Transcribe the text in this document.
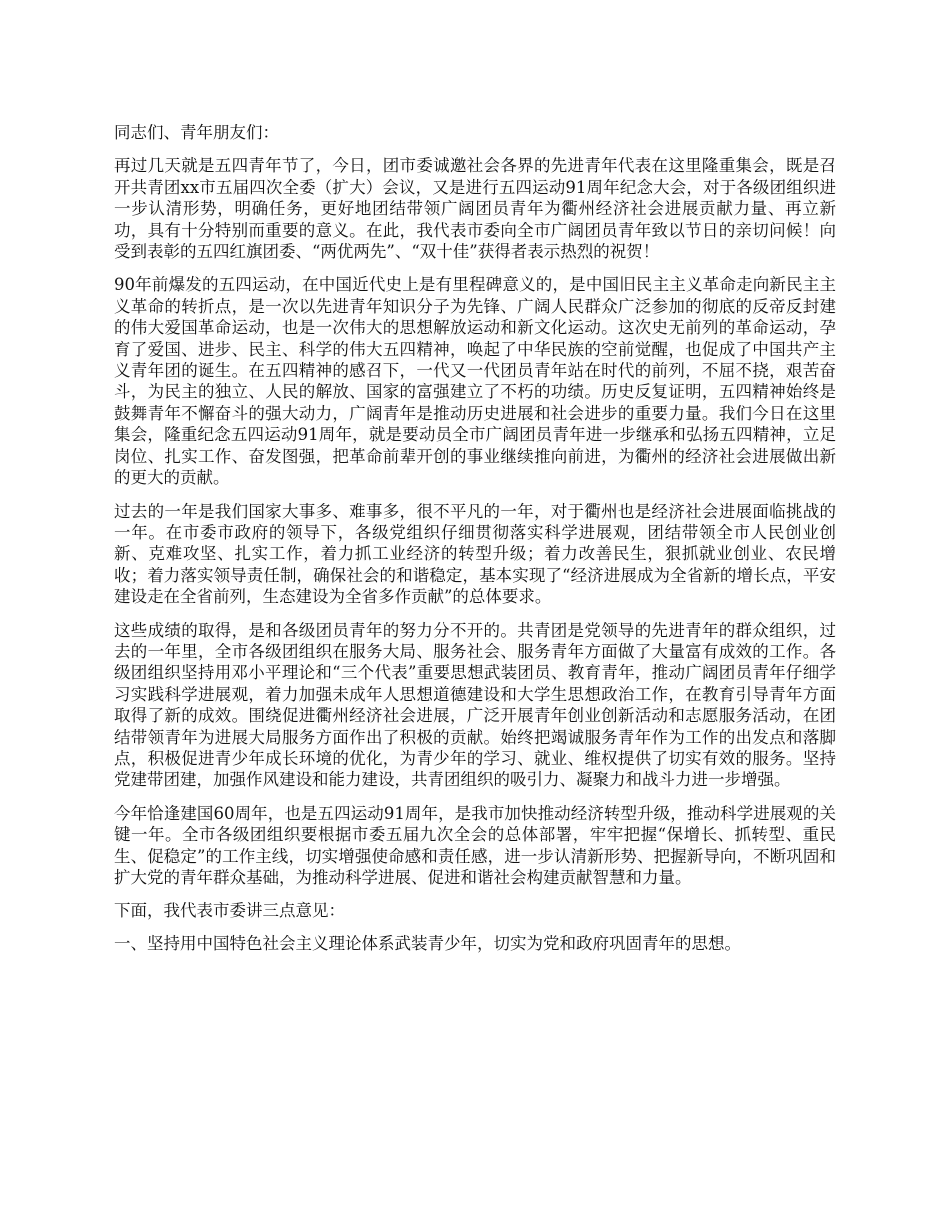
同志们、青年朋友们：

再过几天就是五四青年节了，今日，团市委诚邀社会各界的先进青年代表在这里隆重集会，既是召开共青团xx市五届四次全委（扩大）会议，又是进行五四运动91周年纪念大会，对于各级团组织进一步认清形势，明确任务，更好地团结带领广阔团员青年为衢州经济社会进展贡献力量、再立新功，具有十分特别而重要的意义。在此，我代表市委向全市广阔团员青年致以节日的亲切问候！向受到表彰的五四红旗团委、“两优两先”、“双十佳”获得者表示热烈的祝贺！

90年前爆发的五四运动，在中国近代史上是有里程碑意义的，是中国旧民主主义革命走向新民主主义革命的转折点，是一次以先进青年知识分子为先锋、广阔人民群众广泛参加的彻底的反帝反封建的伟大爱国革命运动，也是一次伟大的思想解放运动和新文化运动。这次史无前列的革命运动，孕育了爱国、进步、民主、科学的伟大五四精神，唤起了中华民族的空前觉醒，也促成了中国共产主义青年团的诞生。在五四精神的感召下，一代又一代团员青年站在时代的前列，不屈不挠，艰苦奋斗，为民主的独立、人民的解放、国家的富强建立了不朽的功绩。历史反复证明，五四精神始终是鼓舞青年不懈奋斗的强大动力，广阔青年是推动历史进展和社会进步的重要力量。我们今日在这里集会，隆重纪念五四运动91周年，就是要动员全市广阔团员青年进一步继承和弘扬五四精神，立足岗位、扎实工作、奋发图强，把革命前辈开创的事业继续推向前进，为衢州的经济社会进展做出新的更大的贡献。

过去的一年是我们国家大事多、难事多，很不平凡的一年，对于衢州也是经济社会进展面临挑战的一年。在市委市政府的领导下，各级党组织仔细贯彻落实科学进展观，团结带领全市人民创业创新、克难攻坚、扎实工作，着力抓工业经济的转型升级；着力改善民生，狠抓就业创业、农民增收；着力落实领导责任制，确保社会的和谐稳定，基本实现了“经济进展成为全省新的增长点，平安建设走在全省前列，生态建设为全省多作贡献”的总体要求。

这些成绩的取得，是和各级团员青年的努力分不开的。共青团是党领导的先进青年的群众组织，过去的一年里，全市各级团组织在服务大局、服务社会、服务青年方面做了大量富有成效的工作。各级团组织坚持用邓小平理论和“三个代表”重要思想武装团员、教育青年，推动广阔团员青年仔细学习实践科学进展观，着力加强未成年人思想道德建设和大学生思想政治工作，在教育引导青年方面取得了新的成效。围绕促进衢州经济社会进展，广泛开展青年创业创新活动和志愿服务活动，在团结带领青年为进展大局服务方面作出了积极的贡献。始终把竭诚服务青年作为工作的出发点和落脚点，积极促进青少年成长环境的优化，为青少年的学习、就业、维权提供了切实有效的服务。坚持党建带团建，加强作风建设和能力建设，共青团组织的吸引力、凝聚力和战斗力进一步增强。

今年恰逢建国60周年，也是五四运动91周年，是我市加快推动经济转型升级，推动科学进展观的关键一年。全市各级团组织要根据市委五届九次全会的总体部署，牢牢把握“保增长、抓转型、重民生、促稳定”的工作主线，切实增强使命感和责任感，进一步认清新形势、把握新导向，不断巩固和扩大党的青年群众基础，为推动科学进展、促进和谐社会构建贡献智慧和力量。

下面，我代表市委讲三点意见：

一、坚持用中国特色社会主义理论体系武装青少年，切实为党和政府巩固青年的思想。
